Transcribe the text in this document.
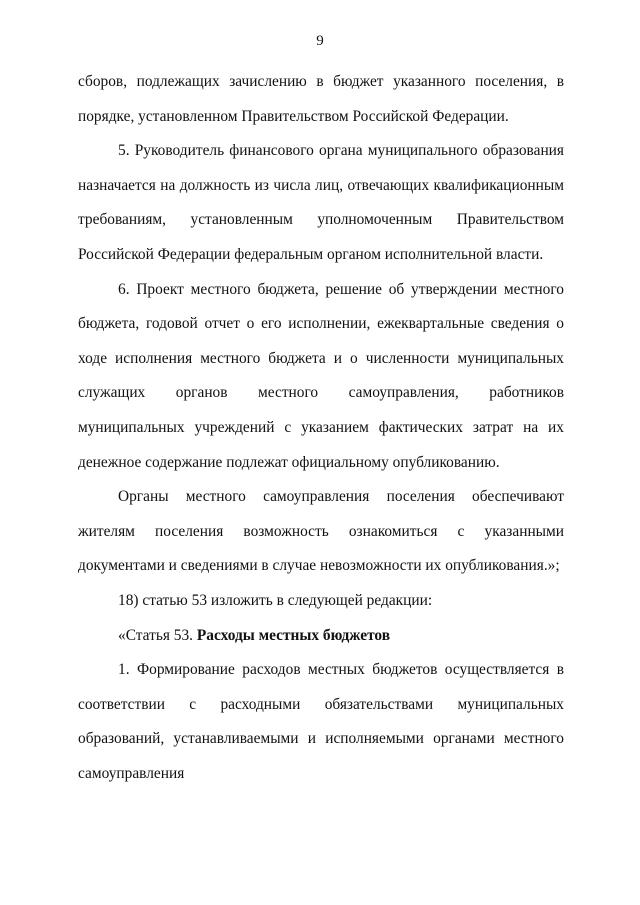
9

сборов, подлежащих зачислению в бюджет указанного поселения, в порядке, установленном Правительством Российской Федерации.

5. Руководитель финансового органа муниципального образования назначается на должность из числа лиц, отвечающих квалификационным требованиям, установленным уполномоченным Правительством Российской Федерации федеральным органом исполнительной власти.

6. Проект местного бюджета, решение об утверждении местного бюджета, годовой отчет о его исполнении, ежеквартальные сведения о ходе исполнения местного бюджета и о численности муниципальных служащих органов местного самоуправления, работников муниципальных учреждений с указанием фактических затрат на их денежное содержание подлежат официальному опубликованию.

Органы местного самоуправления поселения обеспечивают жителям поселения возможность ознакомиться с указанными документами и сведениями в случае невозможности их опубликования.»;

18) статью 53 изложить в следующей редакции:

«Статья 53. Расходы местных бюджетов

1. Формирование расходов местных бюджетов осуществляется в соответствии с расходными обязательствами муниципальных образований, устанавливаемыми и исполняемыми органами местного самоуправления
